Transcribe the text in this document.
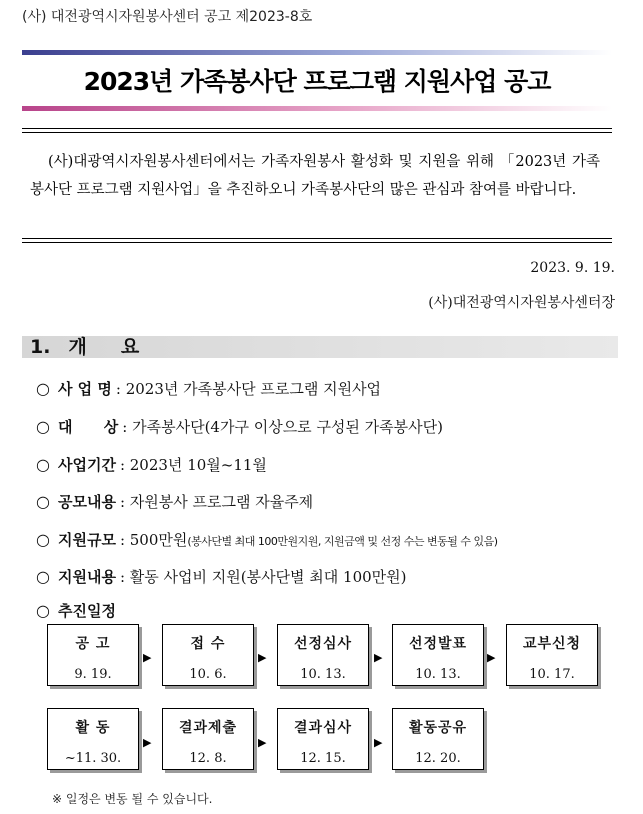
(사) 대전광역시자원봉사센터 공고 제2023-8호
2023년 가족봉사단 프로그램 지원사업 공고
(사)대광역시자원봉사센터에서는 가족자원봉사 활성화 및 지원을 위해 「2023년 가족봉사단 프로그램 지원사업」을 추진하오니 가족봉사단의 많은 관심과 참여를 바랍니다.
2023. 9. 19.
(사)대전광역시자원봉사센터장
1. 개 요
○ 사 업 명 : 2023년 가족봉사단 프로그램 지원사업
○ 대      상 : 가족봉사단(4가구 이상으로 구성된 가족봉사단)
○ 사업기간 : 2023년 10월~11월
○ 공모내용 : 자원봉사 프로그램 자율주제
○ 지원규모 : 500만원(봉사단별 최대 100만원지원, 지원금액 및 선정 수는 변동될 수 있음)
○ 지원내용 : 활동 사업비 지원(봉사단별 최대 100만원)
○ 추진일정
공 고
9. 19.
▶
접 수
10. 6.
▶
선정심사
10. 13.
▶
선정발표
10. 13.
▶
교부신청
10. 17.
활 동
~11. 30.
▶
결과제출
12. 8.
▶
결과심사
12. 15.
▶
활동공유
12. 20.
※ 일정은 변동 될 수 있습니다.
